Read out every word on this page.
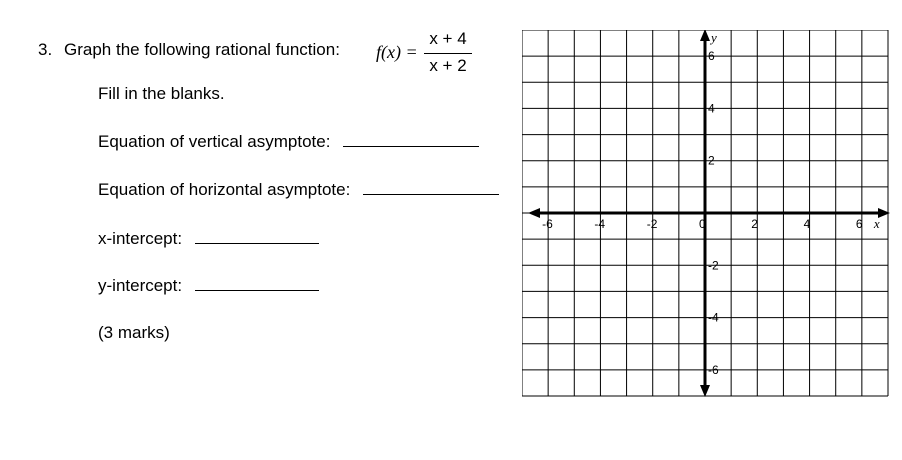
3. Graph the following rational function: f(x) =
x + 4
x + 2
Fill in the blanks.
Equation of vertical asymptote:
Equation of horizontal asymptote:
x-intercept:
y-intercept:
(3 marks)
-6	-4	-2	0	2	4	6
6
4
2
-2
-4
-6
x
y
